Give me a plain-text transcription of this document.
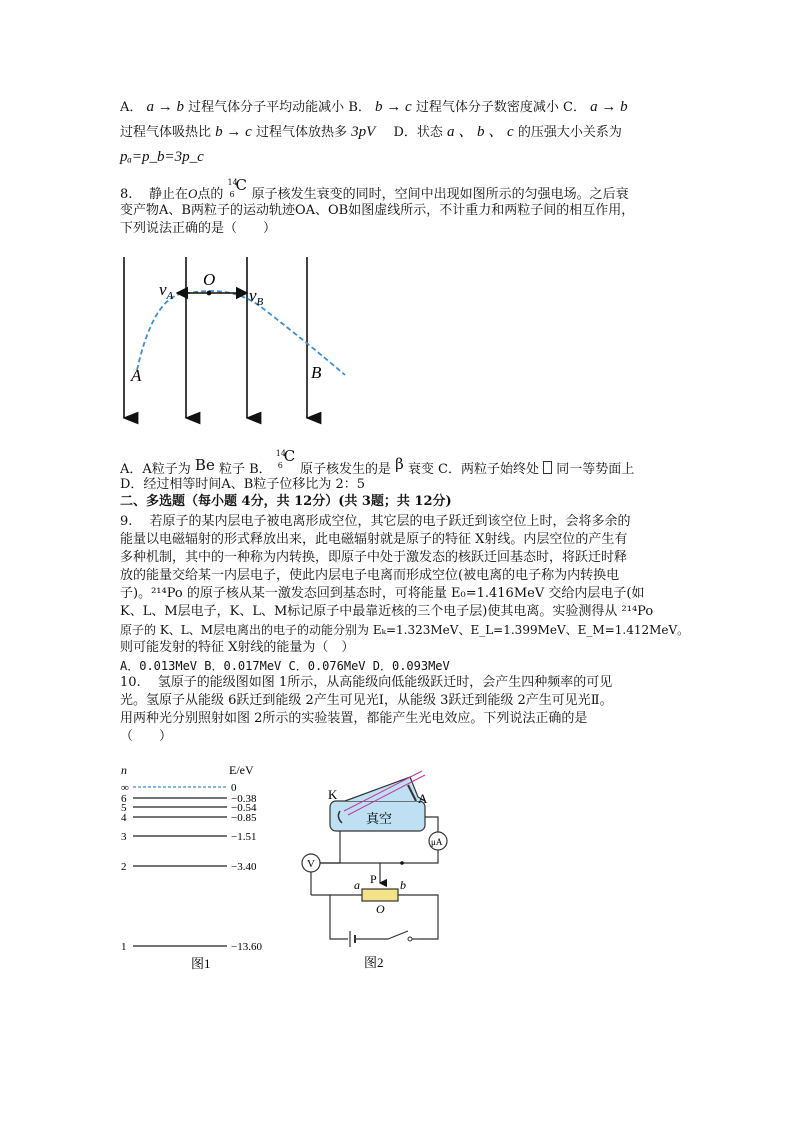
A． a → b 过程气体分子平均动能减小 B． b → c 过程气体分子数密度减小 C． a → b
过程气体吸热比 b → c 过程气体放热多 3pV D．状态 a 、 b 、 c 的压强大小关系为
pₐ=p_b=3p_c
8. 静止在O点的
14
6
C
原子核发生衰变的同时，空间中出现如图所示的匀强电场。之后衰
变产物A、B两粒子的运动轨迹OA、OB如图虚线所示，不计重力和两粒子间的相互作用，
下列说法正确的是（　　）
$v_A$	$v_B$
O
A	B
A．A粒子为 Be 粒子 B．
14
6
C
原子核发生的是 β 衰变 C．两粒子始终处 同一等势面上
D．经过相等时间A、B粒子位移比为 2：5
二、多选题（每小题 4分，共 12分）(共 3题；共 12分)
9.　 若原子的某内层电子被电离形成空位，其它层的电子跃迁到该空位上时，会将多余的
能量以电磁辐射的形式释放出来，此电磁辐射就是原子的特征 X射线。内层空位的产生有
多种机制，其中的一种称为内转换，即原子中处于激发态的核跃迁回基态时，将跃迁时释
放的能量交给某一内层电子，使此内层电子电离而形成空位(被电离的电子称为内转换电
子)。²¹⁴Po 的原子核从某一激发态回到基态时，可将能量 E₀=1.416MeV 交给内层电子(如
K、L、M层电子，K、L、M标记原子中最靠近核的三个电子层)使其电离。实验测得从 ²¹⁴Po
原子的 K、L、M层电离出的电子的动能分别为 Eₖ=1.323MeV、E_L=1.399MeV、E_M=1.412MeV。
则可能发射的特征 X射线的能量为（　）
A．0.013MeV B．0.017MeV C．0.076MeV D．0.093MeV
10.　 氢原子的能级图如图 1所示，从高能级向低能级跃迁时，会产生四种频率的可见
光。氢原子从能级 6跃迁到能级 2产生可见光Ⅰ，从能级 3跃迁到能级 2产生可见光Ⅱ。
用两种光分别照射如图 2所示的实验装置，都能产生光电效应。下列说法正确的是
（　　）
n	E/eV
∞	0
6	−0.38
5	−0.54
4	−0.85
3	−1.51
2	−3.40
1	−13.60
图1
K	A
真空
μA
V
a P b
O
图2
